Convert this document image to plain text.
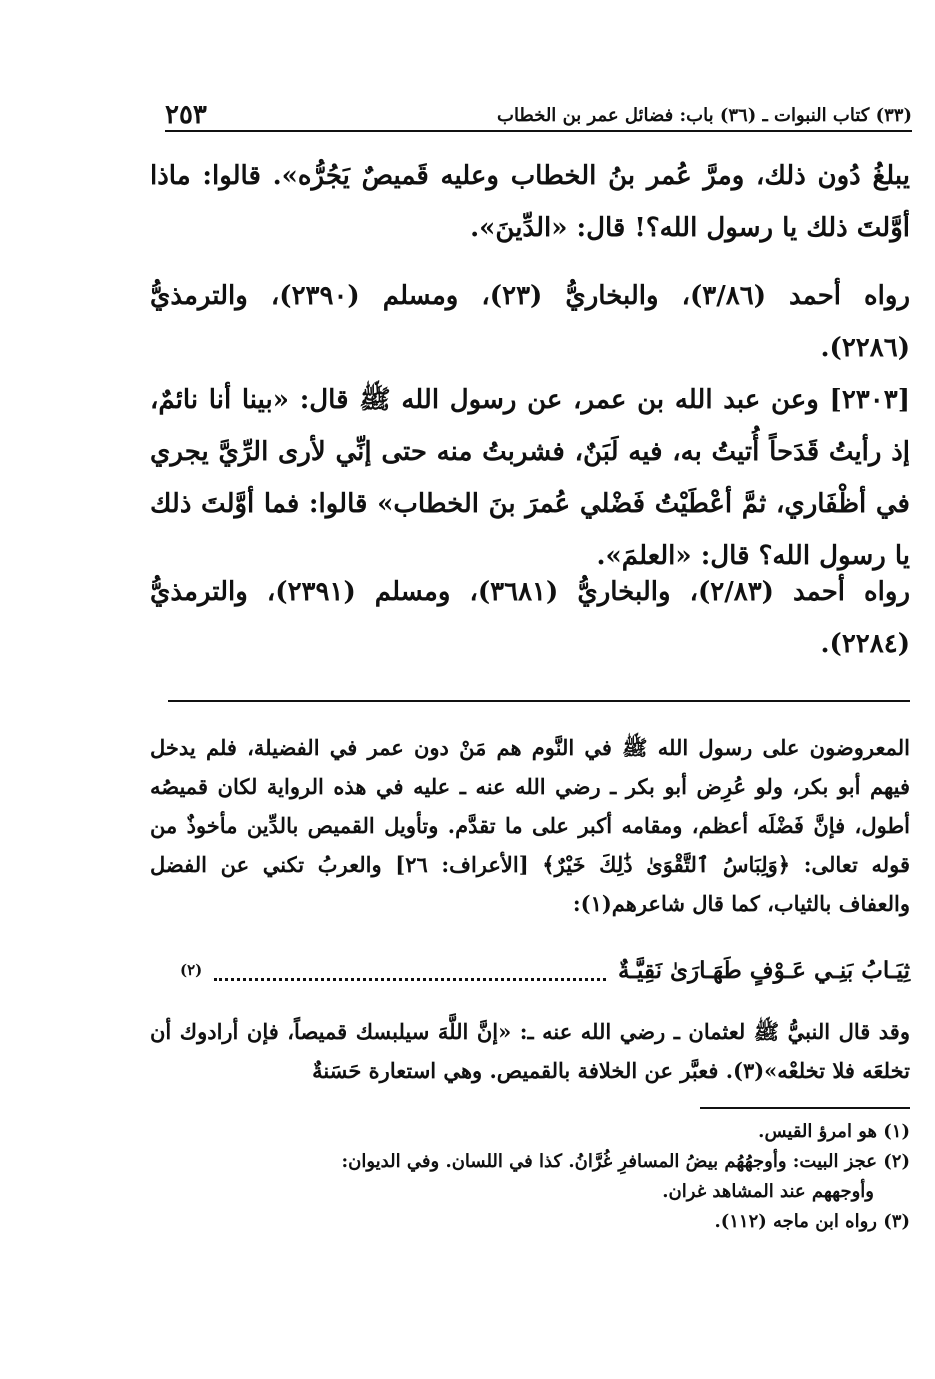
٢٥٣	(٣٣) كتاب النبوات ـ (٣٦) باب: فضائل عمر بن الخطاب

يبلغُ دُون ذلك، ومرَّ عُمر بنُ الخطاب وعليه قَميصٌ يَجُرُّه». قالوا: ماذا أوَّلتَ ذلك يا رسول الله؟! قال: «الدِّينَ».

رواه أحمد (٣/٨٦)، والبخاريُّ (٢٣)، ومسلم (٢٣٩٠)، والترمذيُّ (٢٢٨٦).

[٢٣٠٣] وعن عبد الله بن عمر، عن رسول الله ﷺ قال: «بينا أنا نائمٌ، إذ رأيتُ قَدَحاً أُتيتُ به، فيه لَبَنٌ، فشربتُ منه حتى إنِّي لأرى الرِّيَّ يجري في أظْفَاري، ثمَّ أعْطَيْتُ فَضْلي عُمرَ بنَ الخطاب» قالوا: فما أوَّلتَ ذلك يا رسول الله؟ قال: «العلمَ».

رواه أحمد (٢/٨٣)، والبخاريُّ (٣٦٨١)، ومسلم (٢٣٩١)، والترمذيُّ (٢٢٨٤).

المعروضون على رسول الله ﷺ في النَّوم هم مَنْ دون عمر في الفضيلة، فلم يدخل فيهم أبو بكر، ولو عُرِض أبو بكر ـ رضي الله عنه ـ عليه في هذه الرواية لكان قميصُه أطول، فإنَّ فَضْلَه أعظم، ومقامه أكبر على ما تقدَّم. وتأويل القميص بالدِّين مأخوذٌ من قوله تعالى: ﴿وَلِبَاسُ ٱلتَّقْوَىٰ ذَٰلِكَ خَيْرٌ﴾ [الأعراف: ٢٦] والعربُ تكني عن الفضل والعفاف بالثياب، كما قال شاعرهم(١):

ثِيَـابُ بَنِـي عَـوْفٍ طَهَـارَىٰ نَقِيَّـةٌ
(٢)

وقد قال النبيُّ ﷺ لعثمان ـ رضي الله عنه ـ: «إنَّ اللَّهَ سيلبسك قميصاً، فإن أرادوك أن تخلعَه فلا تخلعْه»(٣). فعبَّر عن الخلافة بالقميص. وهي استعارة حَسَنةٌ

(١) هو امرؤ القيس.

(٢) عجز البيت: وأوجهُهُم بيضُ المسافرِ غُرَّانُ. كذا في اللسان. وفي الديوان:

وأوجههم عند المشاهد غران.

(٣) رواه ابن ماجه (١١٢).
